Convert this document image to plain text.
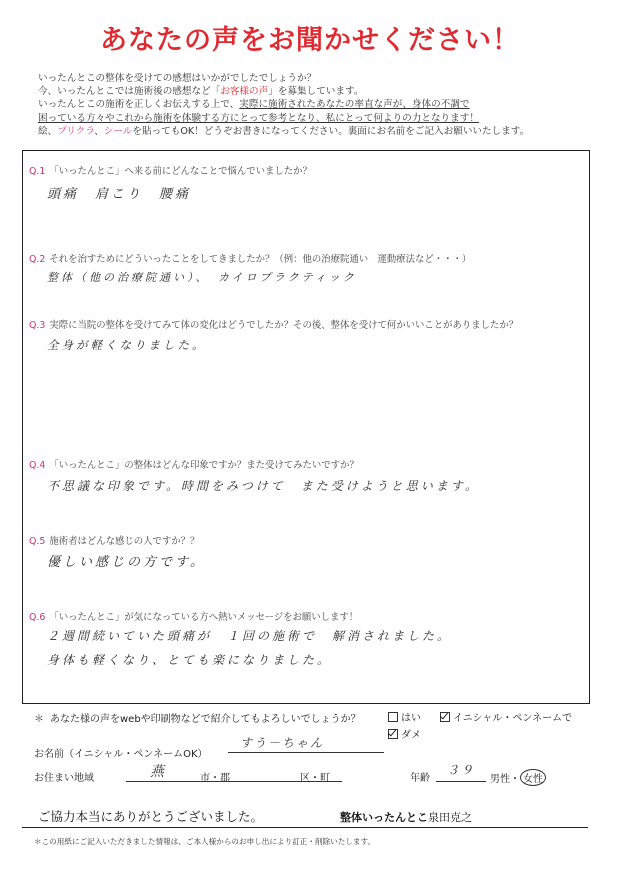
あなたの声をお聞かせください！
いったんとこの整体を受けての感想はいかがでしたでしょうか？
今、いったんとこでは施術後の感想など「お客様の声」を募集しています。
いったんとこの施術を正しくお伝えする上で、実際に施術されたあなたの率直な声が、身体の不調で
困っている方々やこれから施術を体験する方にとって参考となり、私にとって何よりの力となります！
絵、プリクラ、シールを貼ってもOK！どうぞお書きになってください。裏面にお名前をご記入お願いいたします。
Q.1 「いったんとこ」へ来る前にどんなことで悩んでいましたか？
頭痛　肩こり　腰痛
Q.2 それを治すためにどういったことをしてきましたか？（例：他の治療院通い　運動療法など・・・）
整体（他の治療院通い）、　カイロプラクティック
Q.3 実際に当院の整体を受けてみて体の変化はどうでしたか？その後、整体を受けて何かいいことがありましたか？
全身が軽くなりました。
Q.4 「いったんとこ」の整体はどんな印象ですか？また受けてみたいですか？
不思議な印象です。時間をみつけて　また受けようと思います。
Q.5 施術者はどんな感じの人ですか？？
優しい感じの方です。
Q.6 「いったんとこ」が気になっている方へ熱いメッセージをお願いします！
２週間続いていた頭痛が　１回の施術で　解消されました。
身体も軽くなり、とても楽になりました。
＊ あなた様の声をwebや印刷物などで紹介してもよろしいでしょうか？	はい	イニシャル・ペンネームで
ダメ
お名前（イニシャル・ペンネームOK）
すう－ちゃん
お住まい地域	燕	市・郡	区・町	年齢
３９
男性・ 女性
ご協力本当にありがとうございました。	整体いったんとこ泉田克之
＊この用紙にご記入いただきました情報は、ご本人様からのお申し出により訂正・削除いたします。
